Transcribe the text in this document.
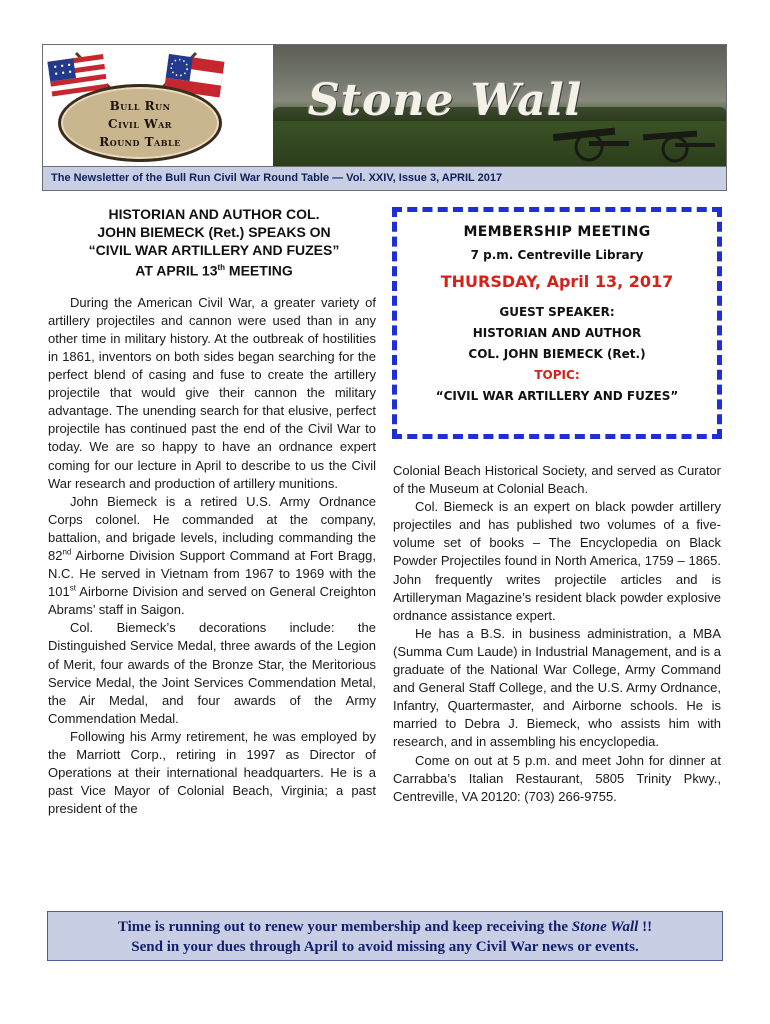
Stone Wall
Bull Run
Civil War
Round Table
The Newsletter of the Bull Run Civil War Round Table — Vol. XXIV, Issue 3, APRIL 2017
HISTORIAN AND AUTHOR COL.
JOHN BIEMECK (Ret.) SPEAKS ON
“CIVIL WAR ARTILLERY AND FUZES”
AT APRIL 13th MEETING

During the American Civil War, a greater variety of artillery projectiles and cannon were used than in any other time in military history. At the outbreak of hostilities in 1861, inventors on both sides began searching for the perfect blend of casing and fuse to create the artillery projectile that would give their cannon the military advantage. The unending search for that elusive, perfect projectile has continued past the end of the Civil War to today. We are so happy to have an ordnance expert coming for our lecture in April to describe to us the Civil War research and production of artillery munitions.

John Biemeck is a retired U.S. Army Ordnance Corps colonel. He commanded at the company, battalion, and brigade levels, including commanding the 82nd Airborne Division Support Command at Fort Bragg, N.C. He served in Vietnam from 1967 to 1969 with the 101st Airborne Division and served on General Creighton Abrams’ staff in Saigon.

Col. Biemeck’s decorations include: the Distinguished Service Medal, three awards of the Legion of Merit, four awards of the Bronze Star, the Meritorious Service Medal, the Joint Services Commendation Metal, the Air Medal, and four awards of the Army Commendation Medal.

Following his Army retirement, he was employed by the Marriott Corp., retiring in 1997 as Director of Operations at their international headquarters. He is a past Vice Mayor of Colonial Beach, Virginia; a past president of the

MEMBERSHIP MEETING
7 p.m. Centreville Library
THURSDAY, April 13, 2017
GUEST SPEAKER:
HISTORIAN AND AUTHOR
COL. JOHN BIEMECK (Ret.)
TOPIC:
“CIVIL WAR ARTILLERY AND FUZES”
Colonial Beach Historical Society, and served as Curator of the Museum at Colonial Beach.

Col. Biemeck is an expert on black powder artillery projectiles and has published two volumes of a five-volume set of books – The Encyclopedia on Black Powder Projectiles found in North America, 1759 – 1865. John frequently writes projectile articles and is Artilleryman Magazine’s resident black powder explosive ordnance assistance expert.

He has a B.S. in business administration, a MBA (Summa Cum Laude) in Industrial Management, and is a graduate of the National War College, Army Command and General Staff College, and the U.S. Army Ordnance, Infantry, Quartermaster, and Airborne schools. He is married to Debra J. Biemeck, who assists him with research, and in assembling his encyclopedia.

Come on out at 5 p.m. and meet John for dinner at Carrabba’s Italian Restaurant, 5805 Trinity Pkwy., Centreville, VA 20120: (703) 266-9755.

Time is running out to renew your membership and keep receiving the Stone Wall !!
Send in your dues through April to avoid missing any Civil War news or events.
